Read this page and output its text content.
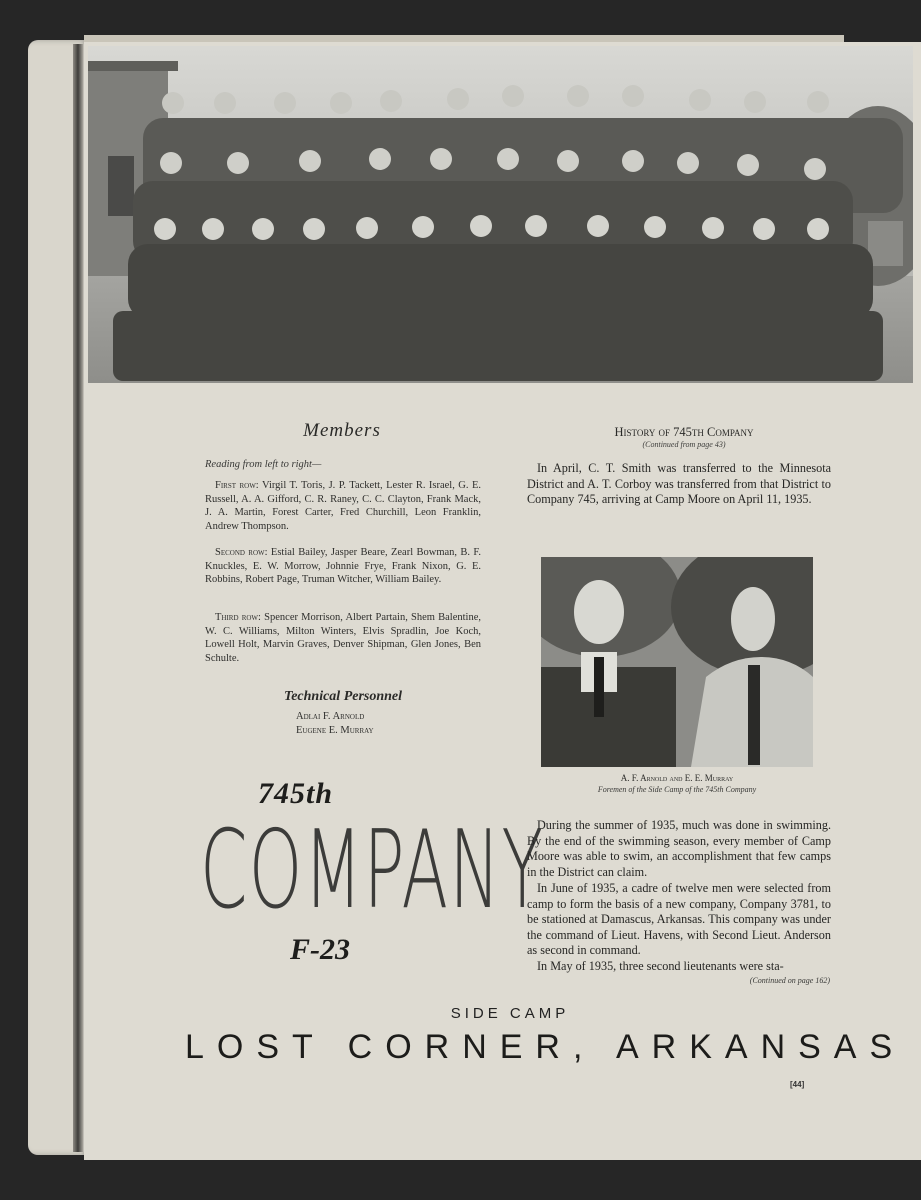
Members
Reading from left to right—
First row: Virgil T. Toris, J. P. Tackett, Lester R. Israel, G. E. Russell, A. A. Gifford, C. R. Raney, C. C. Clayton, Frank Mack, J. A. Martin, Forest Carter, Fred Churchill, Leon Franklin, Andrew Thompson.
Second row: Estial Bailey, Jasper Beare, Zearl Bowman, B. F. Knuckles, E. W. Morrow, Johnnie Frye, Frank Nixon, G. E. Robbins, Robert Page, Truman Witcher, William Bailey.
Third row: Spencer Morrison, Albert Partain, Shem Balentine, W. C. Williams, Milton Winters, Elvis Spradlin, Joe Koch, Lowell Holt, Marvin Graves, Denver Shipman, Glen Jones, Ben Schulte.
Technical Personnel
Adlai F. Arnold
Eugene E. Murray
745th
COMPANY
F-23
History of 745th Company
(Continued from page 43)
In April, C. T. Smith was transferred to the Minnesota District and A. T. Corboy was transferred from that District to Company 745, arriving at Camp Moore on April 11, 1935.
A. F. Arnold and E. E. Murray
Foremen of the Side Camp of the 745th Company
During the summer of 1935, much was done in swimming. By the end of the swimming season, every member of Camp Moore was able to swim, an accomplishment that few camps in the District can claim.
In June of 1935, a cadre of twelve men were selected from camp to form the basis of a new company, Company 3781, to be stationed at Damascus, Arkansas. This company was under the command of Lieut. Havens, with Second Lieut. Anderson as second in command.
In May of 1935, three second lieutenants were sta-
(Continued on page 162)
SIDE CAMP
LOST CORNER, ARKANSAS
[44]
